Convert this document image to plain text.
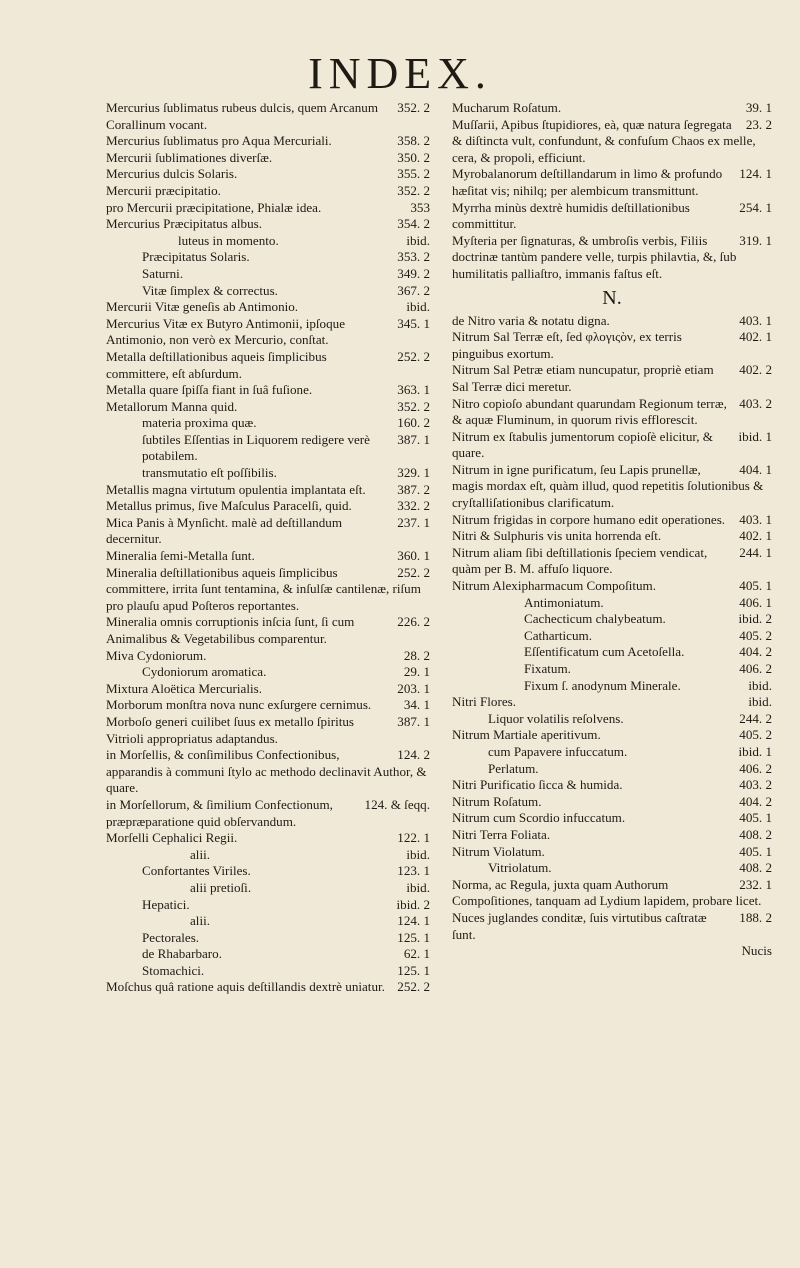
INDEX.
352. 2
Mercurius ſublimatus rubeus dulcis, quem Arcanum Corallinum vocant.
358. 2
Mercurius ſublimatus pro Aqua Mercuriali.
350. 2
Mercurii ſublimationes diverſæ.
355. 2
Mercurius dulcis Solaris.
352. 2
Mercurii præcipitatio.
353
pro Mercurii præcipitatione, Phialæ idea.
354. 2
Mercurius Præcipitatus albus.
ibid.
luteus in momento.
353. 2
Præcipitatus Solaris.
349. 2
Saturni.
367. 2
Vitæ ſimplex & correctus.
ibid.
Mercurii Vitæ geneſis ab Antimonio.
345. 1
Mercurius Vitæ ex Butyro Antimonii, ipſoque Antimonio, non verò ex Mercurio, conſtat.
252. 2
Metalla deſtillationibus aqueis ſimplicibus committere, eſt abſurdum.
363. 1
Metalla quare ſpiſſa fiant in ſuâ fuſione.
352. 2
Metallorum Manna quid.
160. 2
materia proxima quæ.
387. 1
ſubtiles Eſſentias in Liquorem redigere verè potabilem.
329. 1
transmutatio eſt poſſibilis.
387. 2
Metallis magna virtutum opulentia implantata eſt.
332. 2
Metallus primus, ſive Maſculus Paracelſi, quid.
237. 1
Mica Panis à Mynſicht. malè ad deſtillandum decernitur.
360. 1
Mineralia ſemi-Metalla ſunt.
252. 2
Mineralia deſtillationibus aqueis ſimplicibus committere, irrita ſunt tentamina, & inſulſæ cantilenæ, riſum pro plauſu apud Poſteros reportantes.
226. 2
Mineralia omnis corruptionis inſcia ſunt, ſi cum Animalibus & Vegetabilibus comparentur.
28. 2
Miva Cydoniorum.
29. 1
Cydoniorum aromatica.
203. 1
Mixtura Aloëtica Mercurialis.
34. 1
Morborum monſtra nova nunc exſurgere cernimus.
387. 1
Morboſo generi cuilibet ſuus ex metallo ſpiritus Vitrioli appropriatus adaptandus.
124. 2
in Morſellis, & conſimilibus Confectionibus, apparandis à communi ſtylo ac methodo declinavit Author, & quare.
124. & ſeqq.
in Morſellorum, & ſimilium Confectionum, præpræparatione quid obſervandum.
122. 1
Morſelli Cephalici Regii.
ibid.
alii.
123. 1
Confortantes Viriles.
ibid.
alii pretioſi.
ibid. 2
Hepatici.
124. 1
alii.
125. 1
Pectorales.
62. 1
de Rhabarbaro.
125. 1
Stomachici.
252. 2
Moſchus quâ ratione aquis deſtillandis dextrè uniatur.
39. 1
Mucharum Roſatum.
23. 2
Muſſarii, Apibus ſtupidiores, eà, quæ natura ſegregata & diſtincta vult, confundunt, & confuſum Chaos ex melle, cera, & propoli, efficiunt.
124. 1
Myrobalanorum deſtillandarum in limo & profundo hæſitat vis; nihilq; per alembicum transmittunt.
254. 1
Myrrha minùs dextrè humidis deſtillationibus committitur.
319. 1
Myſteria per ſignaturas, & umbroſis verbis, Filiis doctrinæ tantùm pandere velle, turpis philavtia, &, ſub humilitatis palliaſtro, immanis faſtus eſt.
N.
403. 1
de Nitro varia & notatu digna.
402. 1
Nitrum Sal Terræ eſt, ſed φλογιςὸν, ex terris pinguibus exortum.
402. 2
Nitrum Sal Petræ etiam nuncupatur, propriè etiam Sal Terræ dici meretur.
403. 2
Nitro copioſo abundant quarundam Regionum terræ, & aquæ Fluminum, in quorum rivis efflorescit.
ibid. 1
Nitrum ex ſtabulis jumentorum copioſè elicitur, & quare.
404. 1
Nitrum in igne purificatum, ſeu Lapis prunellæ, magis mordax eſt, quàm illud, quod repetitis ſolutionibus & cryſtalliſationibus clarificatum.
403. 1
Nitrum frigidas in corpore humano edit operationes.
402. 1
Nitri & Sulphuris vis unita horrenda eſt.
244. 1
Nitrum aliam ſibi deſtillationis ſpeciem vendicat, quàm per B. M. affuſo liquore.
405. 1
Nitrum Alexipharmacum Compoſitum.
406. 1
Antimoniatum.
ibid. 2
Cachecticum chalybeatum.
405. 2
Catharticum.
404. 2
Eſſentificatum cum Acetoſella.
406. 2
Fixatum.
ibid.
Fixum ſ. anodynum Minerale.
ibid.
Nitri Flores.
244. 2
Liquor volatilis reſolvens.
405. 2
Nitrum Martiale aperitivum.
ibid. 1
cum Papavere infuccatum.
406. 2
Perlatum.
403. 2
Nitri Purificatio ſicca & humida.
404. 2
Nitrum Roſatum.
405. 1
Nitrum cum Scordio infuccatum.
408. 2
Nitri Terra Foliata.
405. 1
Nitrum Violatum.
408. 2
Vitriolatum.
232. 1
Norma, ac Regula, juxta quam Authorum Compoſitiones, tanquam ad Lydium lapidem, probare licet.
188. 2
Nuces juglandes conditæ, ſuis virtutibus caſtratæ ſunt.
Nucis
